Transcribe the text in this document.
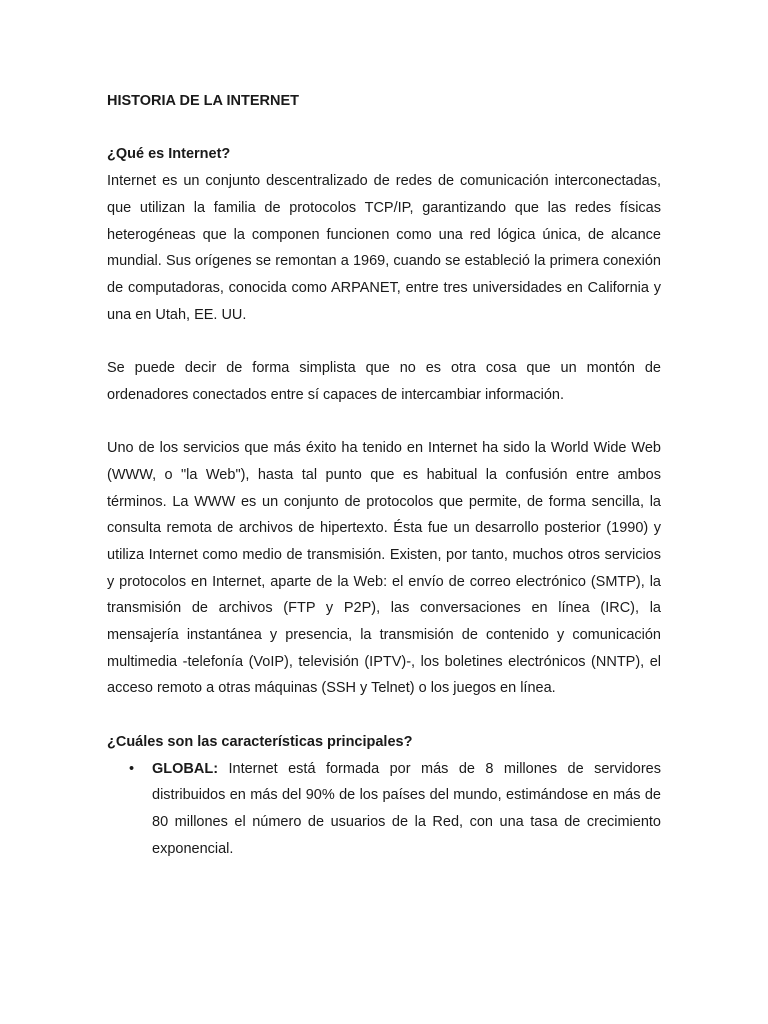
HISTORIA DE LA INTERNET
¿Qué es Internet?

Internet es un conjunto descentralizado de redes de comunicación interconectadas, que utilizan la familia de protocolos TCP/IP, garantizando que las redes físicas heterogéneas que la componen funcionen como una red lógica única, de alcance mundial. Sus orígenes se remontan a 1969, cuando se estableció la primera conexión de computadoras, conocida como ARPANET, entre tres universidades en California y una en Utah, EE. UU.

Se puede decir de forma simplista que no es otra cosa que un montón de ordenadores conectados entre sí capaces de intercambiar información.

Uno de los servicios que más éxito ha tenido en Internet ha sido la World Wide Web (WWW, o "la Web"), hasta tal punto que es habitual la confusión entre ambos términos. La WWW es un conjunto de protocolos que permite, de forma sencilla, la consulta remota de archivos de hipertexto. Ésta fue un desarrollo posterior (1990) y utiliza Internet como medio de transmisión. Existen, por tanto, muchos otros servicios y protocolos en Internet, aparte de la Web: el envío de correo electrónico (SMTP), la transmisión de archivos (FTP y P2P), las conversaciones en línea (IRC), la mensajería instantánea y presencia, la transmisión de contenido y comunicación multimedia -telefonía (VoIP), televisión (IPTV)-, los boletines electrónicos (NNTP), el acceso remoto a otras máquinas (SSH y Telnet) o los juegos en línea.

¿Cuáles son las características principales?
• GLOBAL: Internet está formada por más de 8 millones de servidores distribuidos en más del 90% de los países del mundo, estimándose en más de 80 millones el número de usuarios de la Red, con una tasa de crecimiento exponencial.
